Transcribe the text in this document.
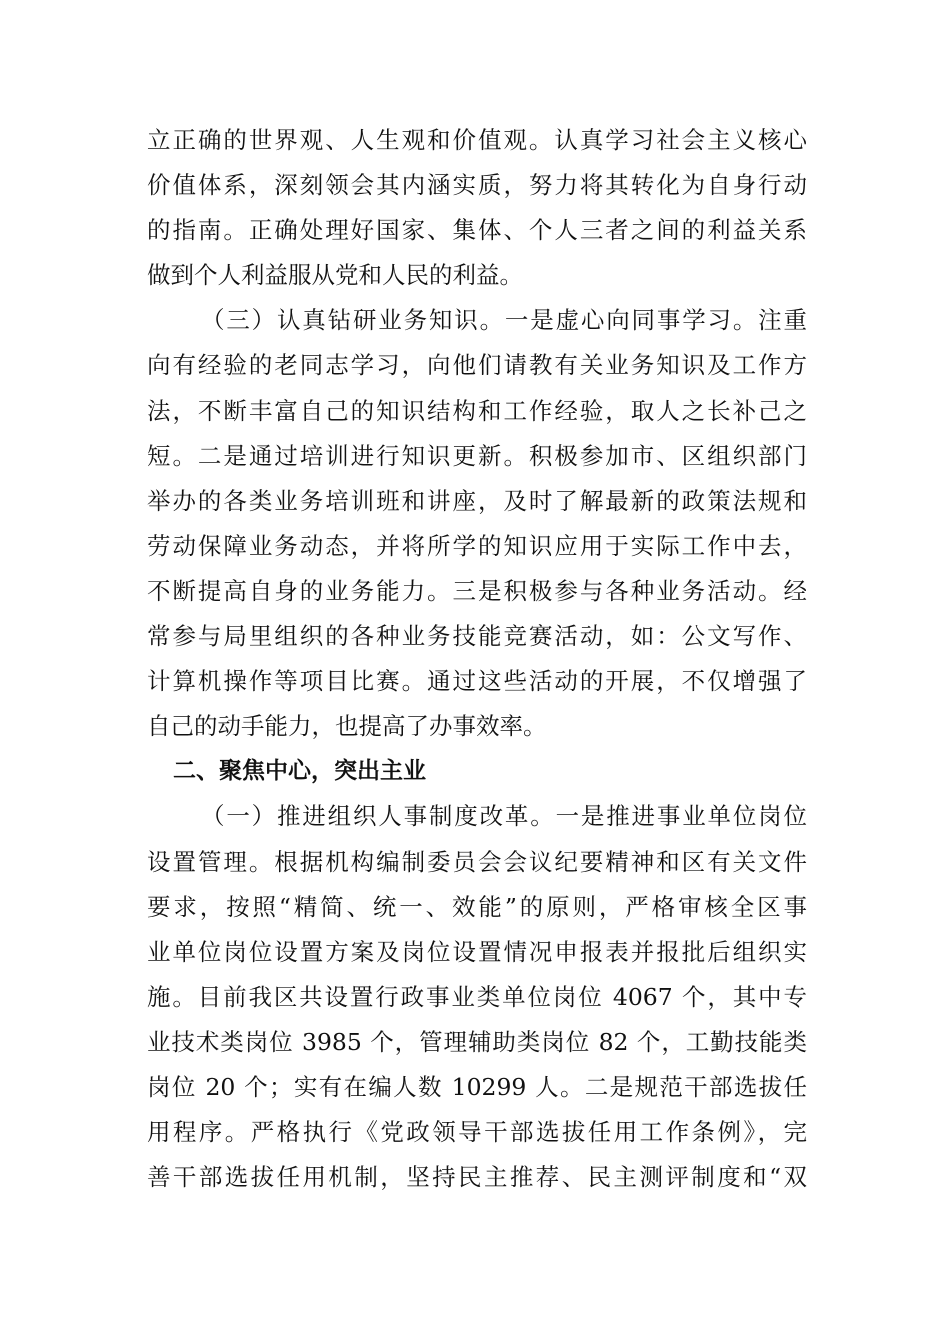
立正确的世界观、人生观和价值观。认真学习社会主义核心
价值体系，深刻领会其内涵实质，努力将其转化为自身行动
的指南。正确处理好国家、集体、个人三者之间的利益关系
做到个人利益服从党和人民的利益。
（三）认真钻研业务知识。一是虚心向同事学习。注重
向有经验的老同志学习，向他们请教有关业务知识及工作方
法，不断丰富自己的知识结构和工作经验，取人之长补己之
短。二是通过培训进行知识更新。积极参加市、区组织部门
举办的各类业务培训班和讲座，及时了解最新的政策法规和
劳动保障业务动态，并将所学的知识应用于实际工作中去，
不断提高自身的业务能力。三是积极参与各种业务活动。经
常参与局里组织的各种业务技能竞赛活动，如：公文写作、
计算机操作等项目比赛。通过这些活动的开展，不仅增强了
自己的动手能力，也提高了办事效率。
二、聚焦中心，突出主业
（一）推进组织人事制度改革。一是推进事业单位岗位
设置管理。根据机构编制委员会会议纪要精神和区有关文件
要求，按照“精简、统一、效能”的原则，严格审核全区事
业单位岗位设置方案及岗位设置情况申报表并报批后组织实
施。目前我区共设置行政事业类单位岗位 4067 个，其中专
业技术类岗位 3985 个，管理辅助类岗位 82 个，工勤技能类
岗位 20 个；实有在编人数 10299 人。二是规范干部选拔任
用程序。严格执行《党政领导干部选拔任用工作条例》，完
善干部选拔任用机制，坚持民主推荐、民主测评制度和“双
